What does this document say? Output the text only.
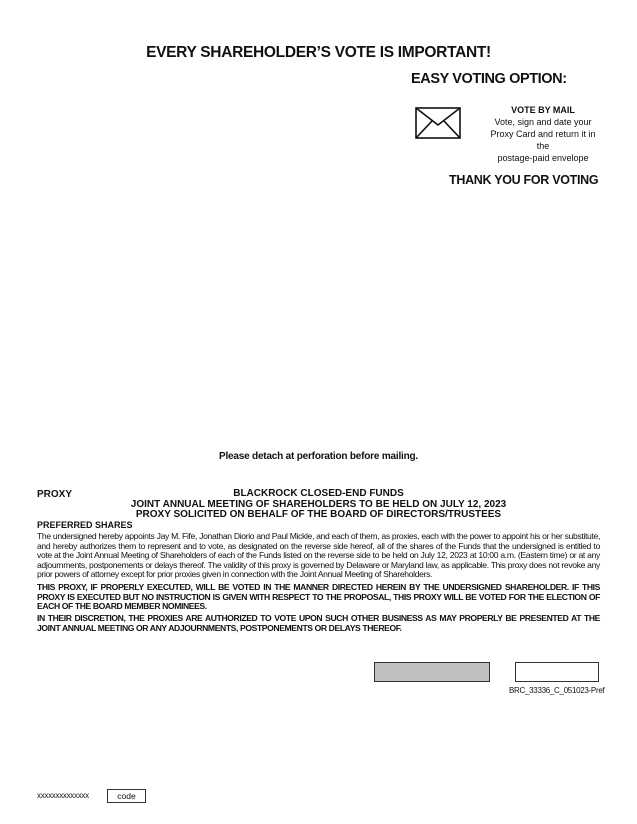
EVERY SHAREHOLDER’S VOTE IS IMPORTANT!
EASY VOTING OPTION:
VOTE BY MAIL
Vote, sign and date your
Proxy Card and return it in the
postage-paid envelope
THANK YOU FOR VOTING
Please detach at perforation before mailing.
PROXY	BLACKROCK CLOSED-END FUNDS
JOINT ANNUAL MEETING OF SHAREHOLDERS TO BE HELD ON JULY 12, 2023
PROXY SOLICITED ON BEHALF OF THE BOARD OF DIRECTORS/TRUSTEES
PREFERRED SHARES
The undersigned hereby appoints Jay M. Fife, Jonathan Diorio and Paul Mickle, and each of them, as proxies, each with the power to appoint his or her substitute, and hereby authorizes them to represent and to vote, as designated on the reverse side hereof, all of the shares of the Funds that the undersigned is entitled to vote at the Joint Annual Meeting of Shareholders of each of the Funds listed on the reverse side to be held on July 12, 2023 at 10:00 a.m. (Eastern time) or at any adjournments, postponements or delays thereof. The validity of this proxy is governed by Delaware or Maryland law, as applicable. This proxy does not revoke any prior powers of attorney except for prior proxies given in connection with the Joint Annual Meeting of Shareholders.
THIS PROXY, IF PROPERLY EXECUTED, WILL BE VOTED IN THE MANNER DIRECTED HEREIN BY THE UNDERSIGNED SHAREHOLDER. IF THIS PROXY IS EXECUTED BUT NO INSTRUCTION IS GIVEN WITH RESPECT TO THE PROPOSAL, THIS PROXY WILL BE VOTED FOR THE ELECTION OF EACH OF THE BOARD MEMBER NOMINEES.
IN THEIR DISCRETION, THE PROXIES ARE AUTHORIZED TO VOTE UPON SUCH OTHER BUSINESS AS MAY PROPERLY BE PRESENTED AT THE JOINT ANNUAL MEETING OR ANY ADJOURNMENTS, POSTPONEMENTS OR DELAYS THEREOF.
BRC_33336_C_051023-Pref
xxxxxxxxxxxxxx	code
